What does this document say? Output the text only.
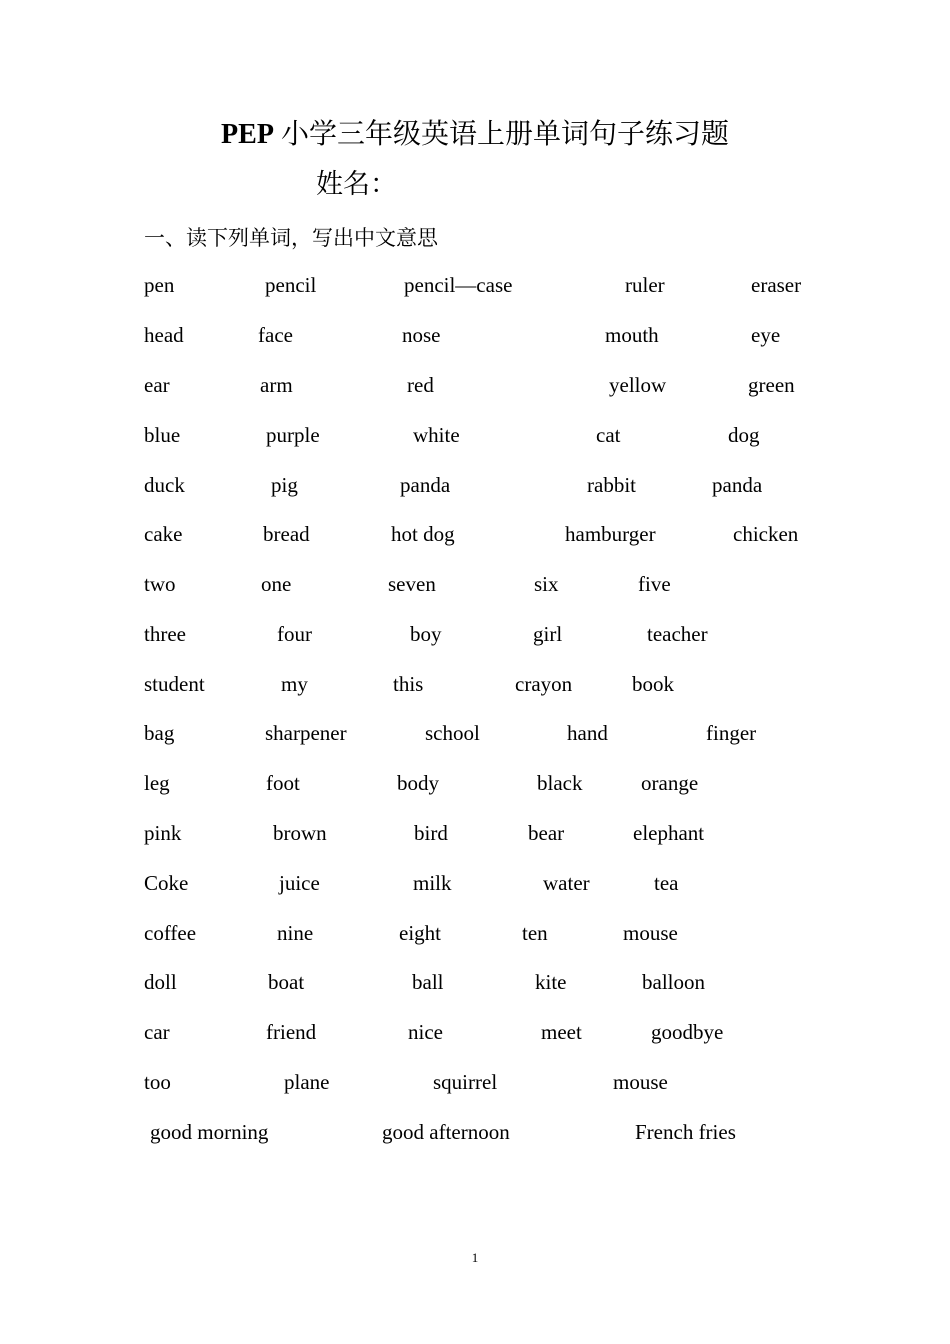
PEP 小学三年级英语上册单词句子练习题
姓名：
一、读下列单词，写出中文意思
pen	pencil	pencil—case	ruler	eraser
head	face	nose	mouth	eye
ear	arm	red	yellow	green
blue	purple	white	cat	dog
duck	pig	panda	rabbit	panda
cake	bread	hot dog	hamburger	chicken
two	one	seven	six	five
three	four	boy	girl	teacher
student	my	this	crayon	book
bag	sharpener	school	hand	finger
leg	foot	body	black	orange
pink	brown	bird	bear	elephant
Coke	juice	milk	water	tea
coffee	nine	eight	ten	mouse
doll	boat	ball	kite	balloon
car	friend	nice	meet	goodbye
too	plane	squirrel	mouse
good morning	good afternoon	French fries
1
